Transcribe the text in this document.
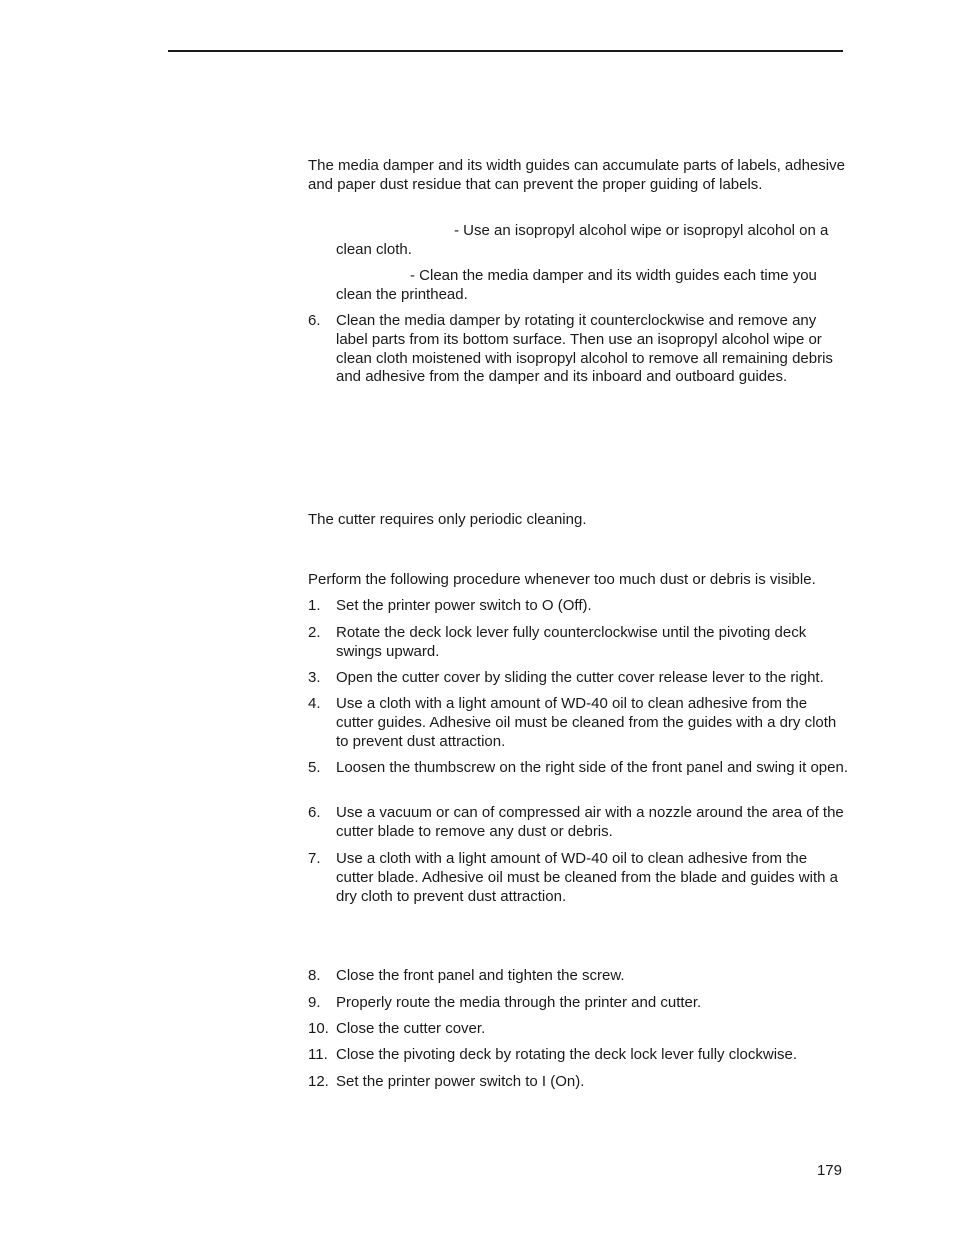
The media damper and its width guides can accumulate parts of labels, adhesive and paper dust residue that can prevent the proper guiding of labels.

- Use an isopropyl alcohol wipe or isopropyl alcohol on a clean cloth.
- Clean the media damper and its width guides each time you clean the printhead.
6.	Clean the media damper by rotating it counterclockwise and remove any label parts from its bottom surface. Then use an isopropyl alcohol wipe or clean cloth moistened with isopropyl alcohol to remove all remaining debris and adhesive from the damper and its inboard and outboard guides.

The cutter requires only periodic cleaning.

Perform the following procedure whenever too much dust or debris is visible.

1.	Set the printer power switch to O (Off).
2.	Rotate the deck lock lever fully counterclockwise until the pivoting deck swings upward.
3.	Open the cutter cover by sliding the cutter cover release lever to the right.
4.	Use a cloth with a light amount of WD-40 oil to clean adhesive from the cutter guides. Adhesive oil must be cleaned from the guides with a dry cloth to prevent dust attraction.
5.	Loosen the thumbscrew on the right side of the front panel and swing it open.
6.	Use a vacuum or can of compressed air with a nozzle around the area of the cutter blade to remove any dust or debris.
7.	Use a cloth with a light amount of WD-40 oil to clean adhesive from the cutter blade. Adhesive oil must be cleaned from the blade and guides with a dry cloth to prevent dust attraction.
8.	Close the front panel and tighten the screw.
9.	Properly route the media through the printer and cutter.
10. Close the cutter cover.
11. Close the pivoting deck by rotating the deck lock lever fully clockwise.
12. Set the printer power switch to I (On).
179
